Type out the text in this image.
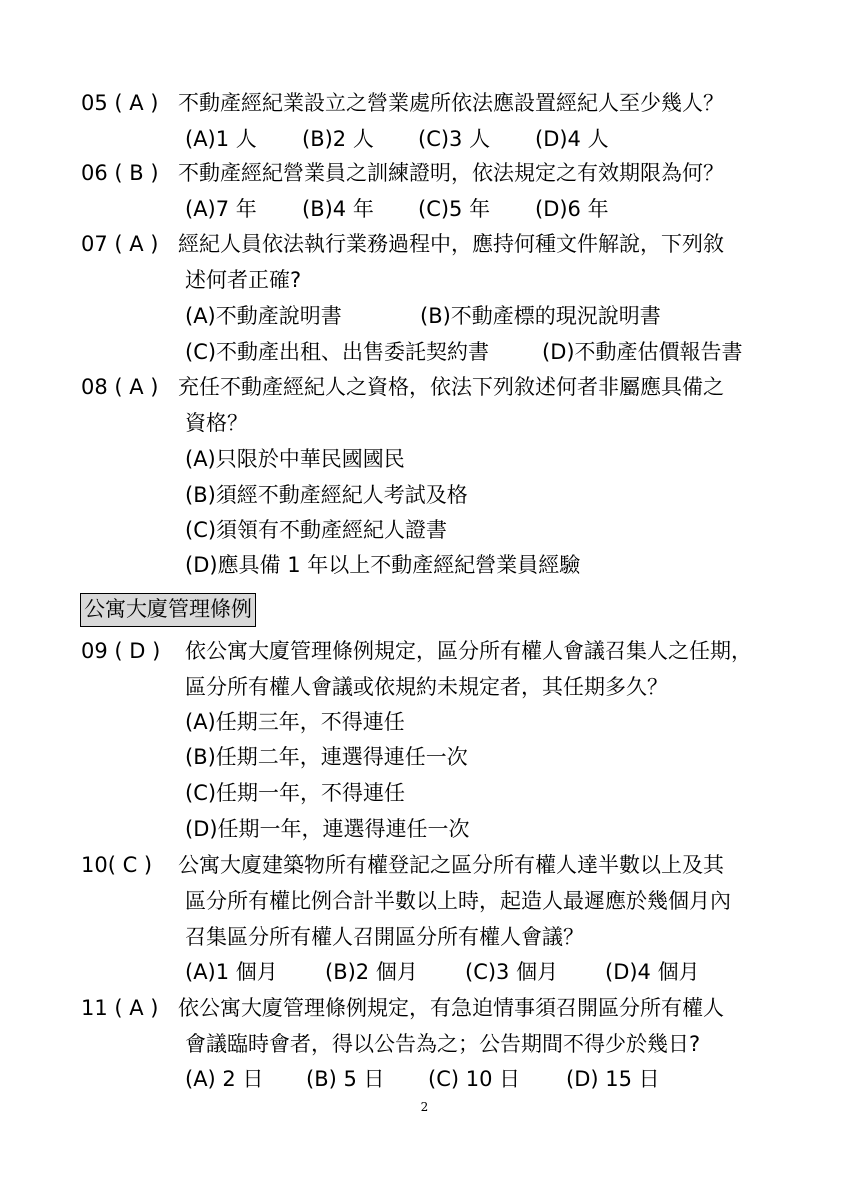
05 ( A ) 不動產經紀業設立之營業處所依法應設置經紀人至少幾人？
(A)1 人 (B)2 人 (C)3 人 (D)4 人
06 ( B ) 不動產經紀營業員之訓練證明，依法規定之有效期限為何？
(A)7 年 (B)4 年 (C)5 年 (D)6 年
07 ( A ) 經紀人員依法執行業務過程中，應持何種文件解說，下列敘
述何者正確?
(A)不動產說明書	(B)不動產標的現況說明書
(C)不動產出租、出售委託契約書	(D)不動產估價報告書
08 ( A ) 充任不動產經紀人之資格，依法下列敘述何者非屬應具備之
資格？
(A)只限於中華民國國民
(B)須經不動產經紀人考試及格
(C)須領有不動產經紀人證書
(D)應具備 1 年以上不動產經紀營業員經驗
公寓大廈管理條例
09 ( D ) 依公寓大廈管理條例規定，區分所有權人會議召集人之任期，
區分所有權人會議或依規約未規定者，其任期多久？
(A)任期三年，不得連任
(B)任期二年，連選得連任一次
(C)任期一年，不得連任
(D)任期一年，連選得連任一次
10( C ) 公寓大廈建築物所有權登記之區分所有權人達半數以上及其
區分所有權比例合計半數以上時，起造人最遲應於幾個月內
召集區分所有權人召開區分所有權人會議？
(A)1 個月 (B)2 個月 (C)3 個月 (D)4 個月
11 ( A ) 依公寓大廈管理條例規定，有急迫情事須召開區分所有權人
會議臨時會者，得以公告為之；公告期間不得少於幾日?
(A) 2 日 (B) 5 日 (C) 10 日 (D) 15 日
2
